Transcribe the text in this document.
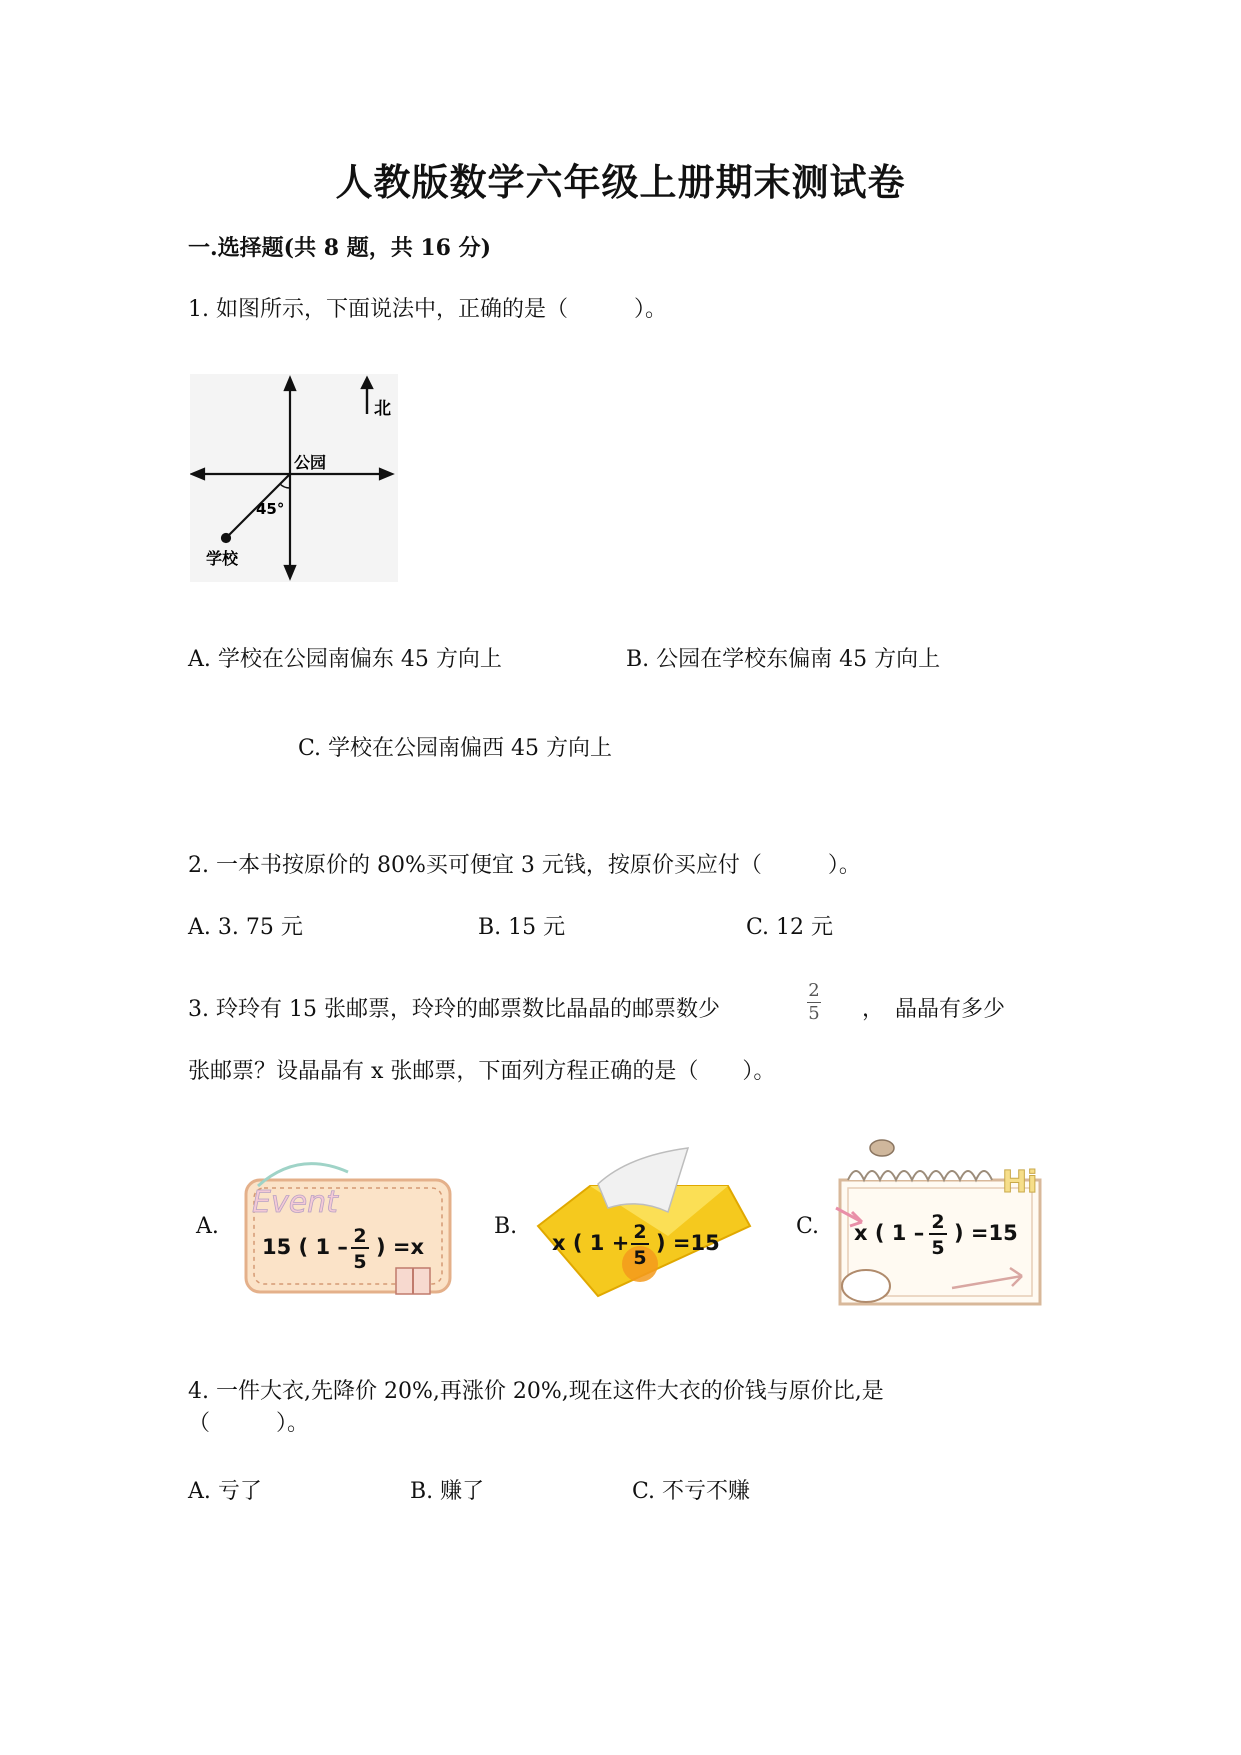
人教版数学六年级上册期末测试卷
一.选择题(共 8 题，共 16 分)
1. 如图所示，下面说法中，正确的是（　　　）。
北
公园
45°
学校
A. 学校在公园南偏东 45 方向上	B. 公园在学校东偏南 45 方向上
C. 学校在公园南偏西 45 方向上
2. 一本书按原价的 80%买可便宜 3 元钱，按原价买应付（　　　）。
A. 3. 75 元	B. 15 元	C. 12 元
3. 玲玲有 15 张邮票，玲玲的邮票数比晶晶的邮票数少
2
5 ，　晶晶有多少
张邮票？设晶晶有 x 张邮票，下面列方程正确的是（　　）。
A.	B.	C.
Event
15 ( 1 – 2
5
) =x	x ( 1 + 2
5
) =15
Hi
x ( 1 – 2
5
) =15
4. 一件大衣,先降价 20%,再涨价 20%,现在这件大衣的价钱与原价比,是
（　　　）。
A. 亏了	B. 赚了	C. 不亏不赚
